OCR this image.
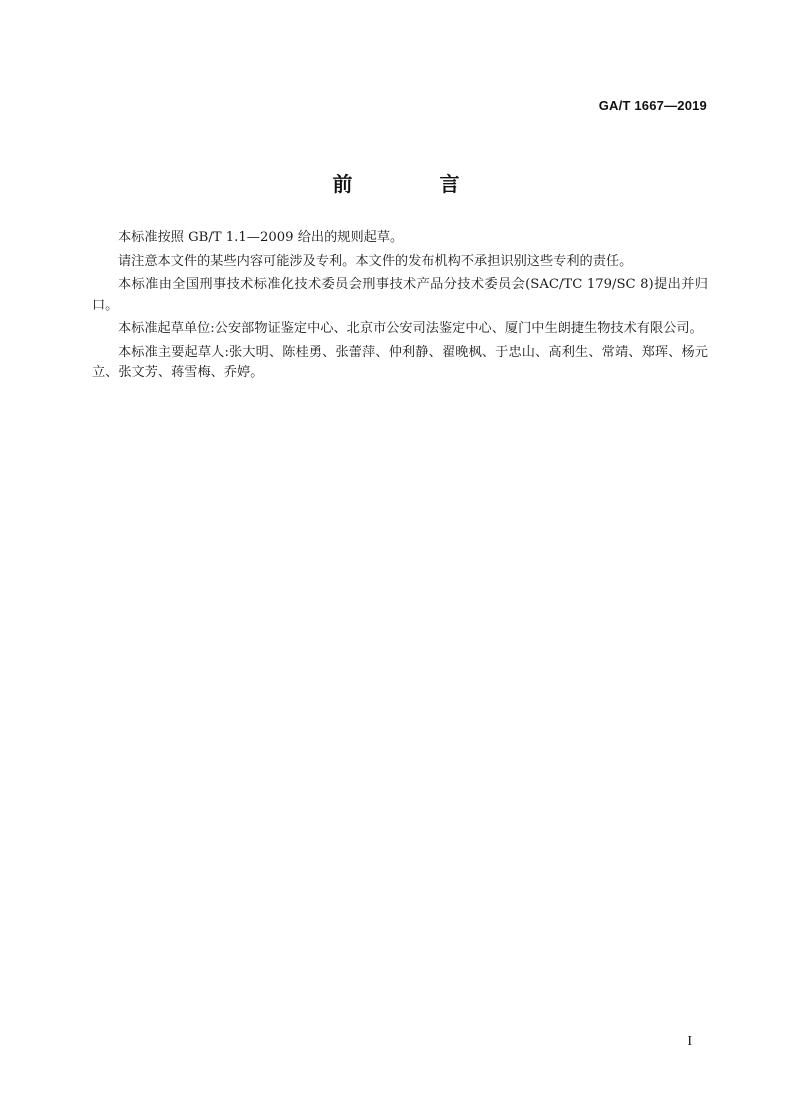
GA/T 1667—2019
前 言

本标准按照 GB/T 1.1—2009 给出的规则起草。

请注意本文件的某些内容可能涉及专利。本文件的发布机构不承担识别这些专利的责任。

本标准由全国刑事技术标准化技术委员会刑事技术产品分技术委员会(SAC/TC 179/SC 8)提出并归口。

本标准起草单位:公安部物证鉴定中心、北京市公安司法鉴定中心、厦门中生朗捷生物技术有限公司。

本标准主要起草人:张大明、陈桂勇、张蕾萍、仲利静、翟晚枫、于忠山、高利生、常靖、郑珲、杨元立、张文芳、蒋雪梅、乔婷。

I
